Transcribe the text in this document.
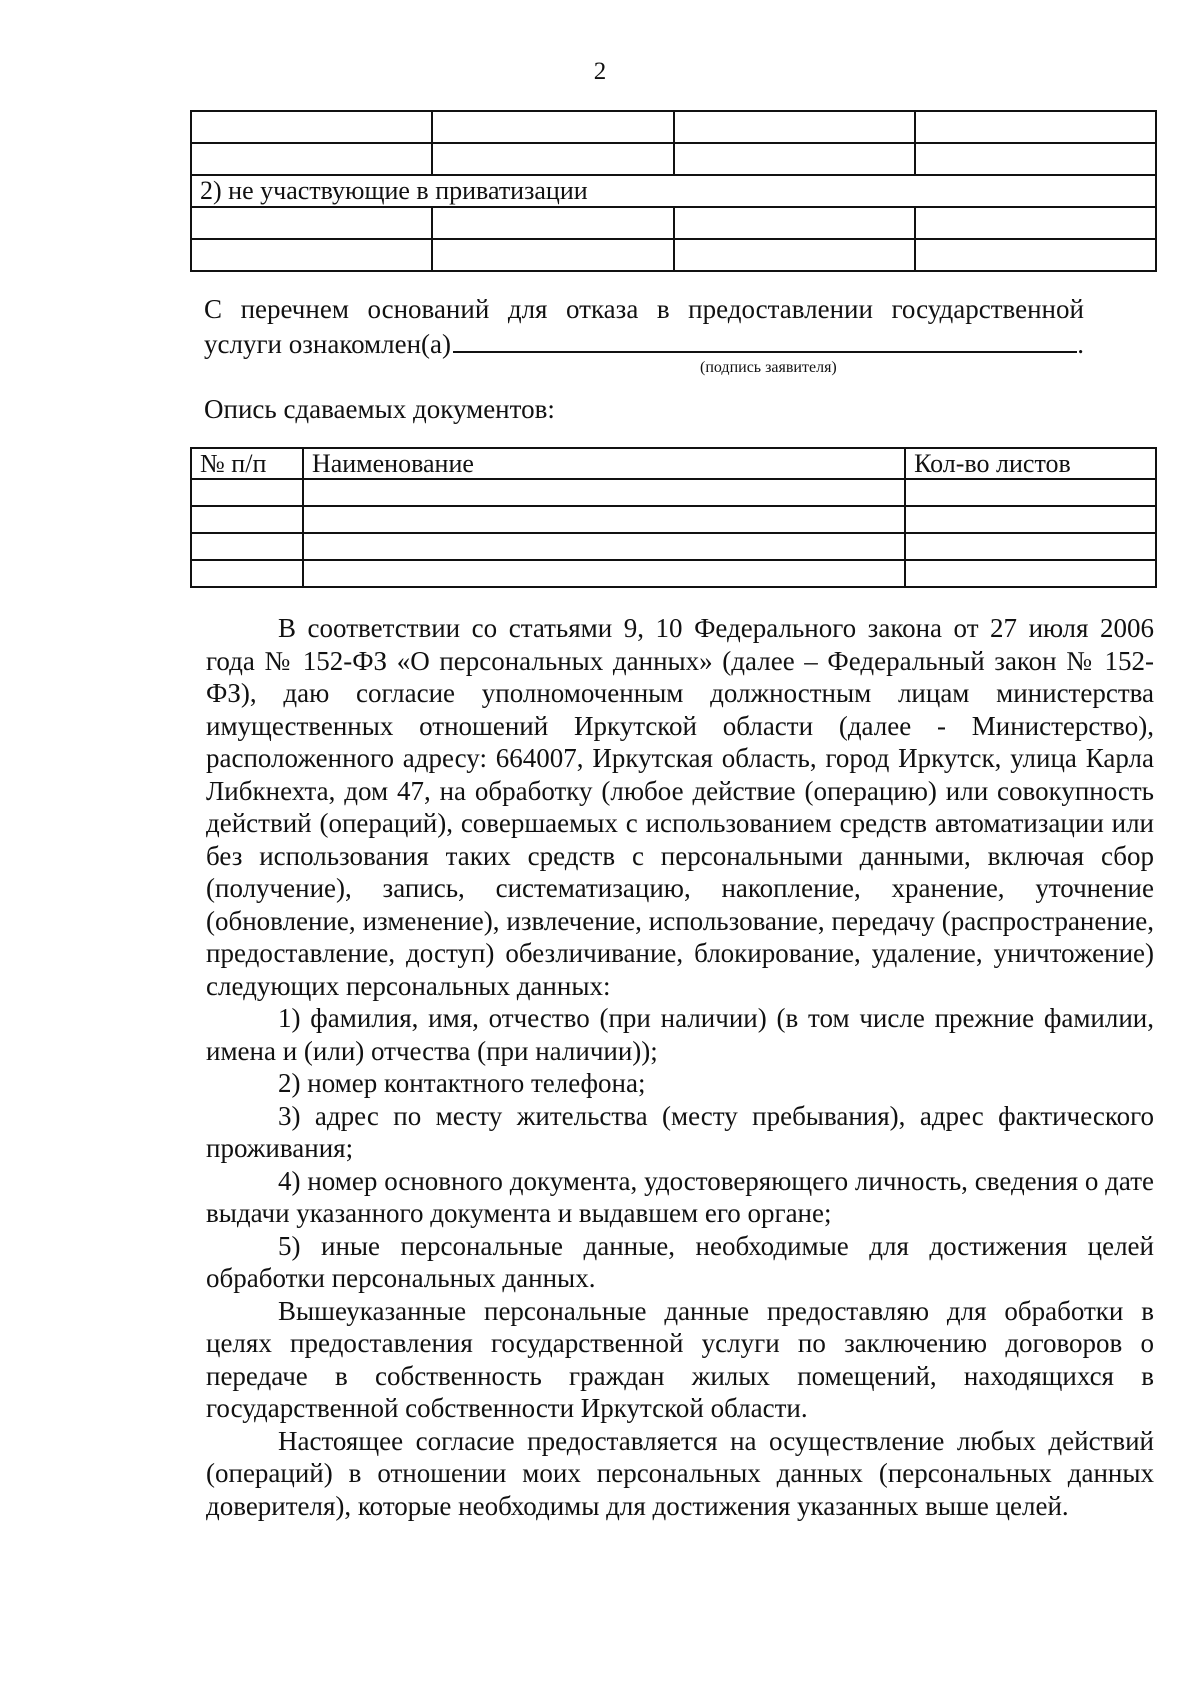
2

2) не участвующие в приватизации			

С перечнем оснований для отказа в предоставлении государственной
услуги ознакомлен(а)	.
(подпись заявителя)
Опись сдаваемых документов:
№ п/п	Наименование	Кол-во листов

В соответствии со статьями 9, 10 Федерального закона от 27 июля 2006 года № 152-ФЗ «О персональных данных» (далее – Федеральный закон № 152-ФЗ), даю согласие уполномоченным должностным лицам министерства имущественных отношений Иркутской области (далее - Министерство), расположенного адресу: 664007, Иркутская область, город Иркутск, улица Карла Либкнехта, дом 47, на обработку (любое действие (операцию) или совокупность действий (операций), совершаемых с использованием средств автоматизации или без использования таких средств с персональными данными, включая сбор (получение), запись, систематизацию, накопление, хранение, уточнение (обновление, изменение), извлечение, использование, передачу (распространение, предоставление, доступ) обезличивание, блокирование, удаление, уничтожение) следующих персональных данных:

1) фамилия, имя, отчество (при наличии) (в том числе прежние фамилии, имена и (или) отчества (при наличии));

2) номер контактного телефона;

3) адрес по месту жительства (месту пребывания), адрес фактического проживания;

4) номер основного документа, удостоверяющего личность, сведения о дате выдачи указанного документа и выдавшем его органе;

5) иные персональные данные, необходимые для достижения целей обработки персональных данных.

Вышеуказанные персональные данные предоставляю для обработки в целях предоставления государственной услуги по заключению договоров о передаче в собственность граждан жилых помещений, находящихся в государственной собственности Иркутской области.

Настоящее согласие предоставляется на осуществление любых действий (операций) в отношении моих персональных данных (персональных данных доверителя), которые необходимы для достижения указанных выше целей.
